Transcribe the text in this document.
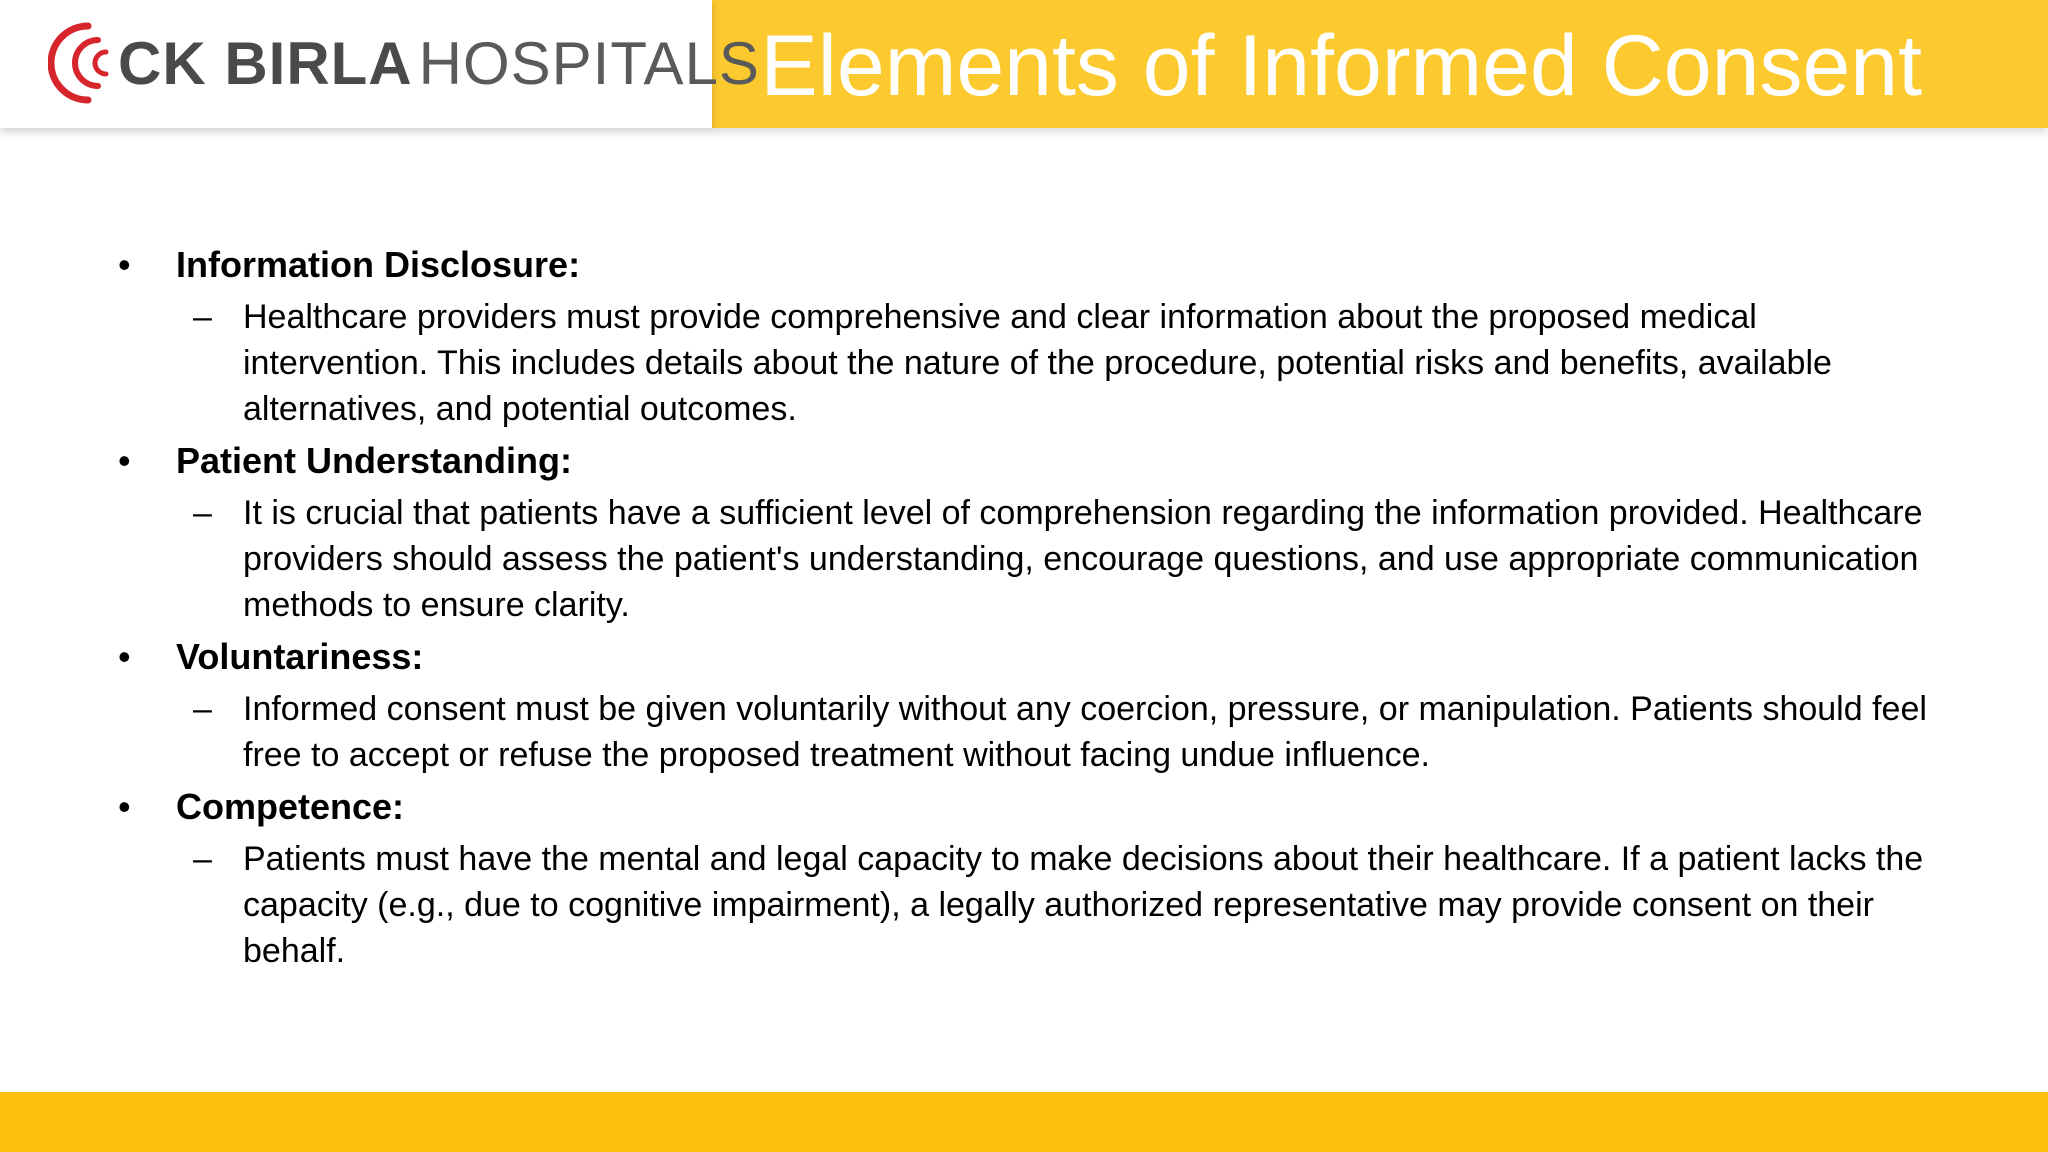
CK BIRLA HOSPITALS Elements of Informed Consent
• Information Disclosure:
– Healthcare providers must provide comprehensive and clear information about the proposed medical intervention. This includes details about the nature of the procedure, potential risks and benefits, available alternatives, and potential outcomes.
• Patient Understanding:
– It is crucial that patients have a sufficient level of comprehension regarding the information provided. Healthcare providers should assess the patient's understanding, encourage questions, and use appropriate communication methods to ensure clarity.
• Voluntariness:
– Informed consent must be given voluntarily without any coercion, pressure, or manipulation. Patients should feel free to accept or refuse the proposed treatment without facing undue influence.
• Competence:
– Patients must have the mental and legal capacity to make decisions about their healthcare. If a patient lacks the capacity (e.g., due to cognitive impairment), a legally authorized representative may provide consent on their behalf.
